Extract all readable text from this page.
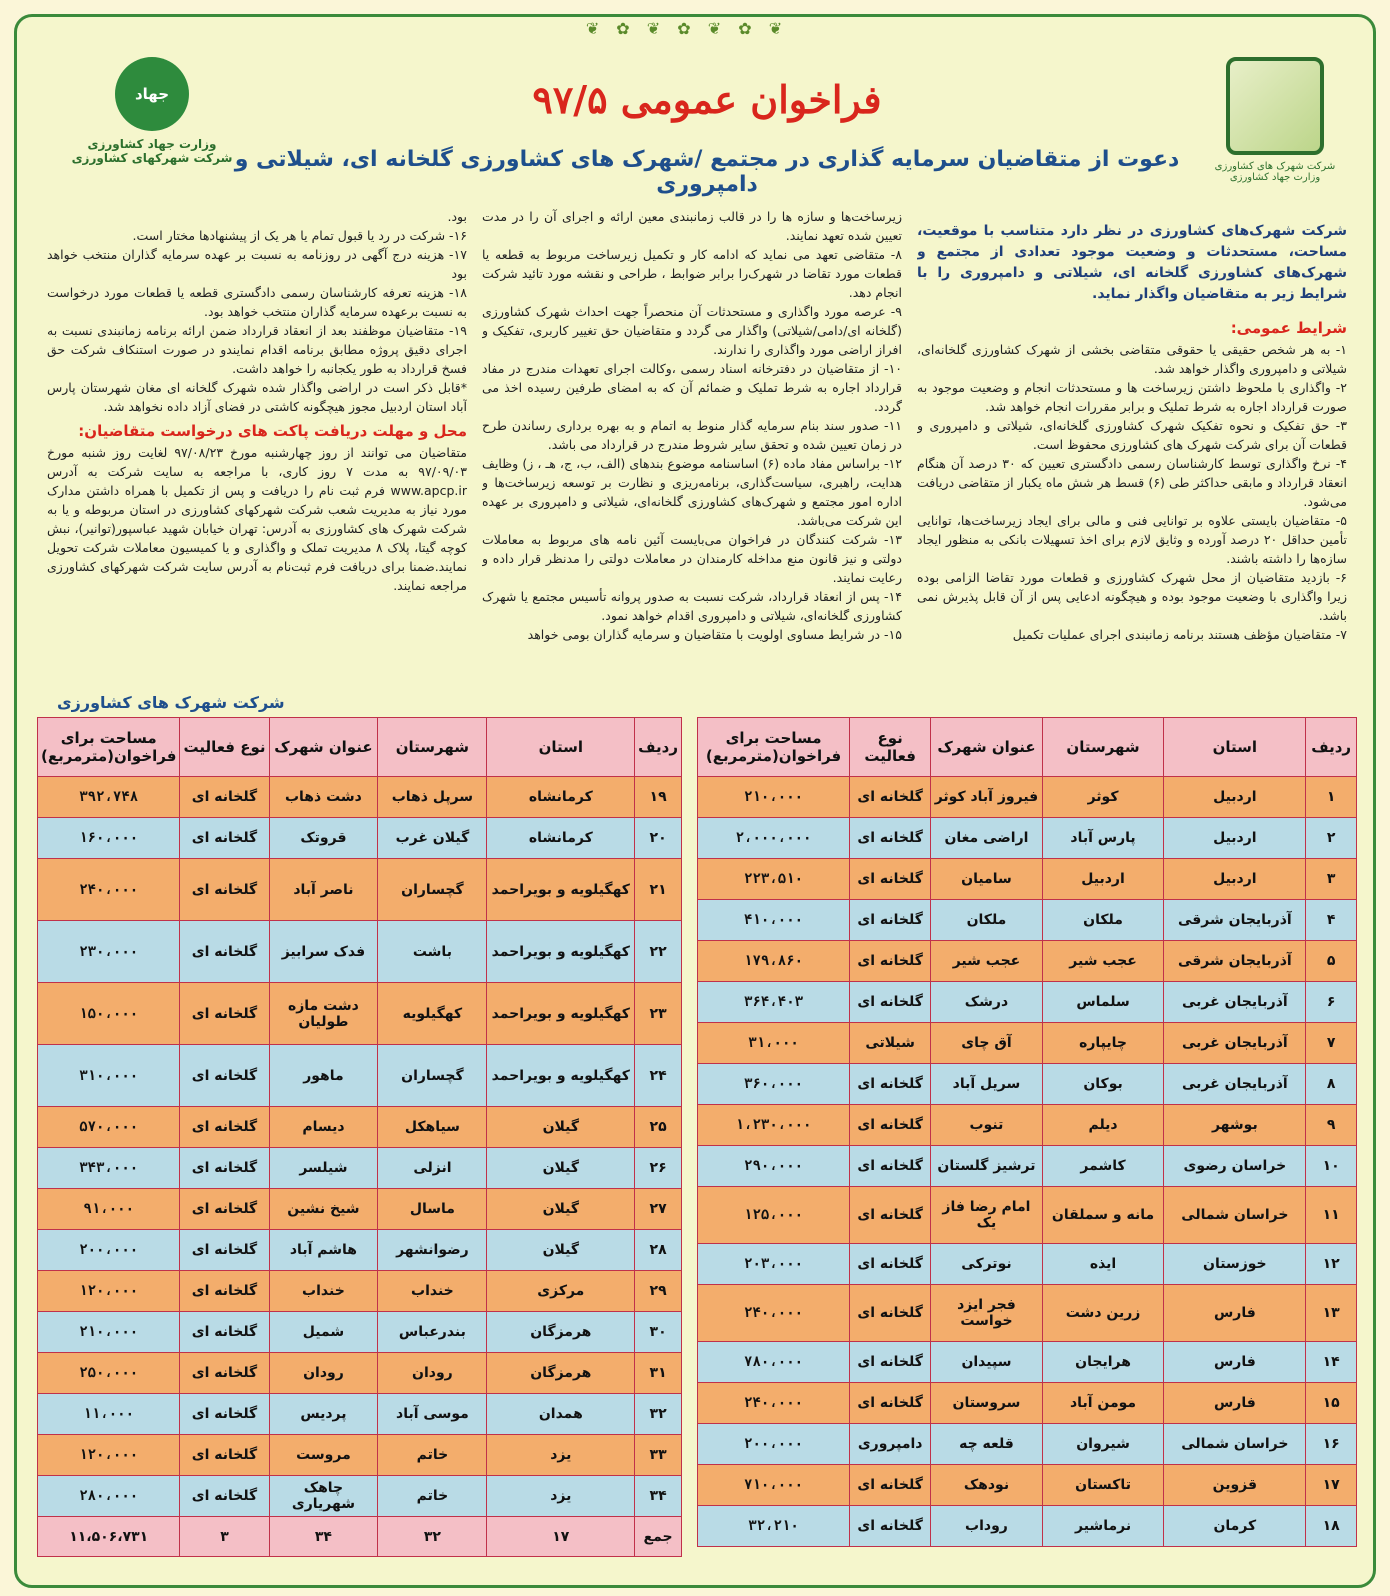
❦ ✿ ❦ ✿ ❦ ✿ ❦
شرکت شهرک های کشاورزی وزارت جهاد کشاورزی
جهاد
وزارت جهاد کشاورزی
شرکت شهرکهای کشاورزی
فراخوان عمومی ۹۷/۵
دعوت از متقاضیان سرمایه گذاری در مجتمع /شهرک های کشاورزی گلخانه ای، شیلاتی و دامپروری

شرکت شهرک‌های کشاورزی در نظر دارد متناسب با موقعیت، مساحت، مستحدثات و وضعیت موجود تعدادی از مجتمع و شهرک‌های کشاورزی گلخانه ای، شیلاتی و دامپروری را با شرایط زیر به متقاضیان واگذار نماید.

شرایط عمومی:

۱- به هر شخص حقیقی یا حقوقی متقاضی بخشی از شهرک کشاورزی گلخانه‌ای، شیلاتی و دامپروری واگذار خواهد شد.

۲- واگذاری با ملحوظ داشتن زیرساخت ها و مستحدثات انجام و وضعیت موجود به صورت قرارداد اجاره به شرط تملیک و برابر مقررات انجام خواهد شد.

۳- حق تفکیک و نحوه تفکیک شهرک کشاورزی گلخانه‌ای، شیلاتی و دامپروری و قطعات آن برای شرکت شهرک های کشاورزی محفوظ است.

۴- نرخ واگذاری توسط کارشناسان رسمی دادگستری تعیین که ۳۰ درصد آن هنگام انعقاد قرارداد و مابقی حداکثر طی (۶) قسط هر شش ماه یکبار از متقاضی دریافت می‌شود.

۵- متقاضیان بایستی علاوه بر توانایی فنی و مالی برای ایجاد زیرساخت‌ها، توانایی تأمین حداقل ۲۰ درصد آورده و وثایق لازم برای اخذ تسهیلات بانکی به منظور ایجاد سازه‌ها را داشته باشند.

۶- بازدید متقاضیان از محل شهرک کشاورزی و قطعات مورد تقاضا الزامی بوده زیرا واگذاری با وضعیت موجود بوده و هیچگونه ادعایی پس از آن قابل پذیرش نمی باشد.

۷- متقاضیان مؤظف هستند برنامه زمانبندی اجرای عملیات تکمیل

زیرساخت‌ها و سازه ها را در قالب زمانبندی معین ارائه و اجرای آن را در مدت تعیین شده تعهد نمایند.

۸- متقاضی تعهد می نماید که ادامه کار و تکمیل زیرساخت مربوط به قطعه یا قطعات مورد تقاضا در شهرک‌را برابر ضوابط ، طراحی و نقشه مورد تائید شرکت انجام دهد.

۹- عرصه مورد واگذاری و مستحدثات آن منحصراً جهت احداث شهرک کشاورزی (گلخانه ای/دامی/شیلاتی) واگذار می گردد و متقاضیان حق تغییر کاربری، تفکیک و افراز اراضی مورد واگذاری را ندارند.

۱۰- از متقاضیان در دفترخانه اسناد رسمی ،وکالت اجرای تعهدات مندرج در مفاد قرارداد اجاره به شرط تملیک و ضمائم آن که به امضای طرفین رسیده اخذ می گردد.

۱۱- صدور سند بنام سرمایه گذار منوط به اتمام و به بهره برداری رساندن طرح در زمان تعیین شده و تحقق سایر شروط مندرج در قرارداد می باشد.

۱۲- براساس مفاد ماده (۶) اساسنامه موضوع بندهای (الف، ب، ج، هـ ، ز) وظایف هدایت، راهبری، سیاست‌گذاری، برنامه‌ریزی و نظارت بر توسعه زیرساخت‌ها و اداره امور مجتمع و شهرک‌های کشاورزی گلخانه‌ای، شیلاتی و دامپروری بر عهده این شرکت می‌باشد.

۱۳- شرکت کنندگان در فراخوان می‌بایست آئین نامه های مربوط به معاملات دولتی و نیز قانون منع مداخله کارمندان در معاملات دولتی را مدنظر قرار داده و رعایت نمایند.

۱۴- پس از انعقاد قرارداد، شرکت نسبت به صدور پروانه تأسیس مجتمع یا شهرک کشاورزی گلخانه‌ای، شیلاتی و دامپروری اقدام خواهد نمود.

۱۵- در شرایط مساوی اولویت با متقاضیان و سرمایه گذاران بومی خواهد

بود.

۱۶- شرکت در رد یا قبول تمام یا هر یک از پیشنهادها مختار است.

۱۷- هزینه درج آگهی در روزنامه به نسبت بر عهده سرمایه گذاران منتخب خواهد بود

۱۸- هزینه تعرفه کارشناسان رسمی دادگستری قطعه یا قطعات مورد درخواست به نسبت برعهده سرمایه گذاران منتخب خواهد بود.

۱۹- متقاضیان موظفند بعد از انعقاد قرارداد ضمن ارائه برنامه زمانبندی نسبت به اجرای دقیق پروژه مطابق برنامه اقدام نمایندو در صورت استنکاف شرکت حق فسخ قرارداد به طور یکجانبه را خواهد داشت.

*قابل ذکر است در اراضی واگذار شده شهرک گلخانه ای مغان شهرستان پارس آباد استان اردبیل مجوز هیچگونه کاشتی در فضای آزاد داده نخواهد شد.

محل و مهلت دریافت پاکت های درخواست متقاضیان:

متقاضیان می توانند از روز چهارشنبه مورخ ۹۷/۰۸/۲۳ لغایت روز شنبه مورخ ۹۷/۰۹/۰۳ به مدت ۷ روز کاری، با مراجعه به سایت شرکت به آدرس www.apcp.ir فرم ثبت نام را دریافت و پس از تکمیل با همراه داشتن مدارک مورد نیاز به مدیریت شعب شرکت شهرکهای کشاورزی در استان مربوطه و یا به شرکت شهرک های کشاورزی به آدرس: تهران خیابان شهید عباسپور(توانیر)، نبش کوچه گیتا، پلاک ۸ مدیریت تملک و واگذاری و یا کمیسیون معاملات شرکت تحویل نمایند.ضمنا برای دریافت فرم ثبت‌نام به آدرس سایت شرکت شهرکهای کشاورزی مراجعه نمایند.

شرکت شهرک های کشاورزی
ردیف	استان	شهرستان	عنوان شهرک	نوع فعالیت	مساحت برای فراخوان(مترمربع)
۱	اردبیل	کوثر	فیروز آباد کوثر	گلخانه ای	۲۱۰،۰۰۰
۲	اردبیل	پارس آباد	اراضی مغان	گلخانه ای	۲،۰۰۰،۰۰۰
۳	اردبیل	اردبیل	سامیان	گلخانه ای	۲۲۳،۵۱۰
۴	آذربایجان شرقی	ملکان	ملکان	گلخانه ای	۴۱۰،۰۰۰
۵	آذربایجان شرقی	عجب شیر	عجب شیر	گلخانه ای	۱۷۹،۸۶۰
۶	آذربایجان غربی	سلماس	درشک	گلخانه ای	۳۶۴،۴۰۳
۷	آذربایجان غربی	چایپاره	آق چای	شیلاتی	۳۱،۰۰۰
۸	آذربایجان غربی	بوکان	سریل آباد	گلخانه ای	۳۶۰،۰۰۰
۹	بوشهر	دیلم	تنوب	گلخانه ای	۱،۲۳۰،۰۰۰
۱۰	خراسان رضوی	کاشمر	ترشیز گلستان	گلخانه ای	۲۹۰،۰۰۰
۱۱	خراسان شمالی	مانه و سملقان	امام رضا فاز یک	گلخانه ای	۱۲۵،۰۰۰
۱۲	خوزستان	ایذه	نوترکی	گلخانه ای	۲۰۳،۰۰۰
۱۳	فارس	زرین دشت	فجر ایزد خواست	گلخانه ای	۲۴۰،۰۰۰
۱۴	فارس	هرایجان	سپیدان	گلخانه ای	۷۸۰،۰۰۰
۱۵	فارس	مومن آباد	سروستان	گلخانه ای	۲۴۰،۰۰۰
۱۶	خراسان شمالی	شیروان	قلعه چه	دامپروری	۲۰۰،۰۰۰
۱۷	قزوین	تاکستان	نودهک	گلخانه ای	۷۱۰،۰۰۰
۱۸	کرمان	نرماشیر	روداب	گلخانه ای	۳۲،۲۱۰
ردیف	استان	شهرستان	عنوان شهرک	نوع فعالیت	مساحت برای فراخوان(مترمربع)
۱۹	کرمانشاه	سرپل ذهاب	دشت ذهاب	گلخانه ای	۳۹۲،۷۴۸
۲۰	کرمانشاه	گیلان غرب	قروتک	گلخانه ای	۱۶۰،۰۰۰
۲۱	کهگیلویه و بویراحمد	گچساران	ناصر آباد	گلخانه ای	۲۴۰،۰۰۰
۲۲	کهگیلویه و بویراحمد	باشت	فدک سرابیز	گلخانه ای	۲۳۰،۰۰۰
۲۳	کهگیلویه و بویراحمد	کهگیلویه	دشت مازه طولیان	گلخانه ای	۱۵۰،۰۰۰
۲۴	کهگیلویه و بویراحمد	گچساران	ماهور	گلخانه ای	۳۱۰،۰۰۰
۲۵	گیلان	سیاهکل	دیسام	گلخانه ای	۵۷۰،۰۰۰
۲۶	گیلان	انزلی	شیلسر	گلخانه ای	۳۴۳،۰۰۰
۲۷	گیلان	ماسال	شیخ نشین	گلخانه ای	۹۱،۰۰۰
۲۸	گیلان	رضوانشهر	هاشم آباد	گلخانه ای	۲۰۰،۰۰۰
۲۹	مرکزی	خنداب	خنداب	گلخانه ای	۱۲۰،۰۰۰
۳۰	هرمزگان	بندرعباس	شمیل	گلخانه ای	۲۱۰،۰۰۰
۳۱	هرمزگان	رودان	رودان	گلخانه ای	۲۵۰،۰۰۰
۳۲	همدان	موسی آباد	پردیس	گلخانه ای	۱۱،۰۰۰
۳۳	یزد	خاتم	مروست	گلخانه ای	۱۲۰،۰۰۰
۳۴	یزد	خاتم	چاهک شهریاری	گلخانه ای	۲۸۰،۰۰۰
جمع	۱۷	۳۲	۳۴	۳	۱۱،۵۰۶،۷۳۱
